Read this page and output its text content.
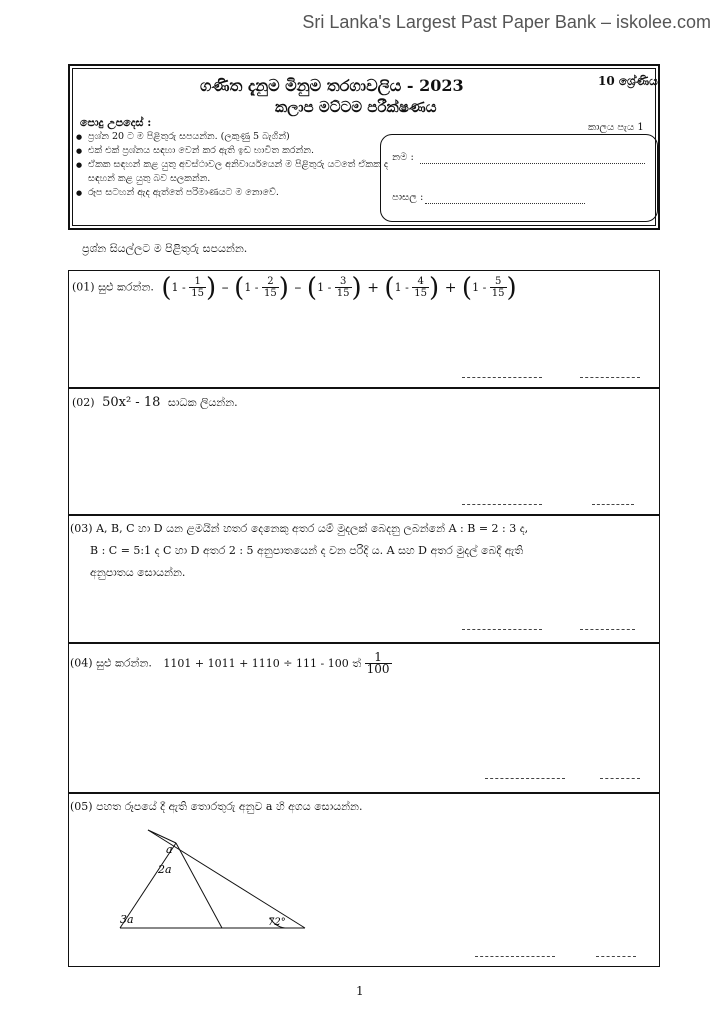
Sri Lanka's Largest Past Paper Bank – iskolee.com
ගණිත දැනුම මිනුම තරගාවලිය - 2023
කලාප මට්ටම පරීක්ෂණය
10 ශ්‍රේණිය
කාලය පැය 1
පොදු උපදෙස් :
● ප්‍රශ්න 20 ට ම පිළිතුරු සපයන්න. (ලකුණු 5 බැගින්)
● එක් එක් ප්‍රශ්නය සඳහා වෙන් කර ඇති ඉඩ භාවිත කරන්න.
● ඒකක සඳහන් කළ යුතු අවස්ථාවල අනිවාර්යයෙන් ම පිළිතුරු යටතේ ඒකක ද සඳහන් කළ යුතු බව සලකන්න.
● රූප සටහන් ඇද ඇත්තේ පරිමාණයට ම නොවේ.
නම :
පාසල :
ප්‍රශ්න සියල්ලට ම පිළිතුරු සපයන්න.
(01) සුළු කරන්න. ($1 - \frac{1}{15}$ ) – ($1 - \frac{2}{15}$ ) – ($1 - \frac{3}{15}$ ) + ($1 - \frac{4}{15}$ ) + ($1 - \frac{5}{15}$ )
(02) 50x² - 18 සාධක ලියන්න.
(03) A, B, C හා D යන ළමයින් හතර දෙනෙකු අතර යම් මුදලක් බෙදනු ලබන්නේ A : B = 2 : 3 ද,
B : C = 5:1 ද C හා D අතර 2 : 5 අනුපාතයෙන් ද වන පරිදි ය. A සහ D අතර මුදල් බෙදී ඇති
අනුපාතය සොයන්න.
(04) සුළු කරන්න. 1101 + 1011 + 1110 ÷ 111 - 100 ත් $\frac{1}{100}$
(05) පහත රූපයේ දී ඇති තොරතුරු අනුව a හි අගය සොයන්න.
a
2a
3a	72°
1
